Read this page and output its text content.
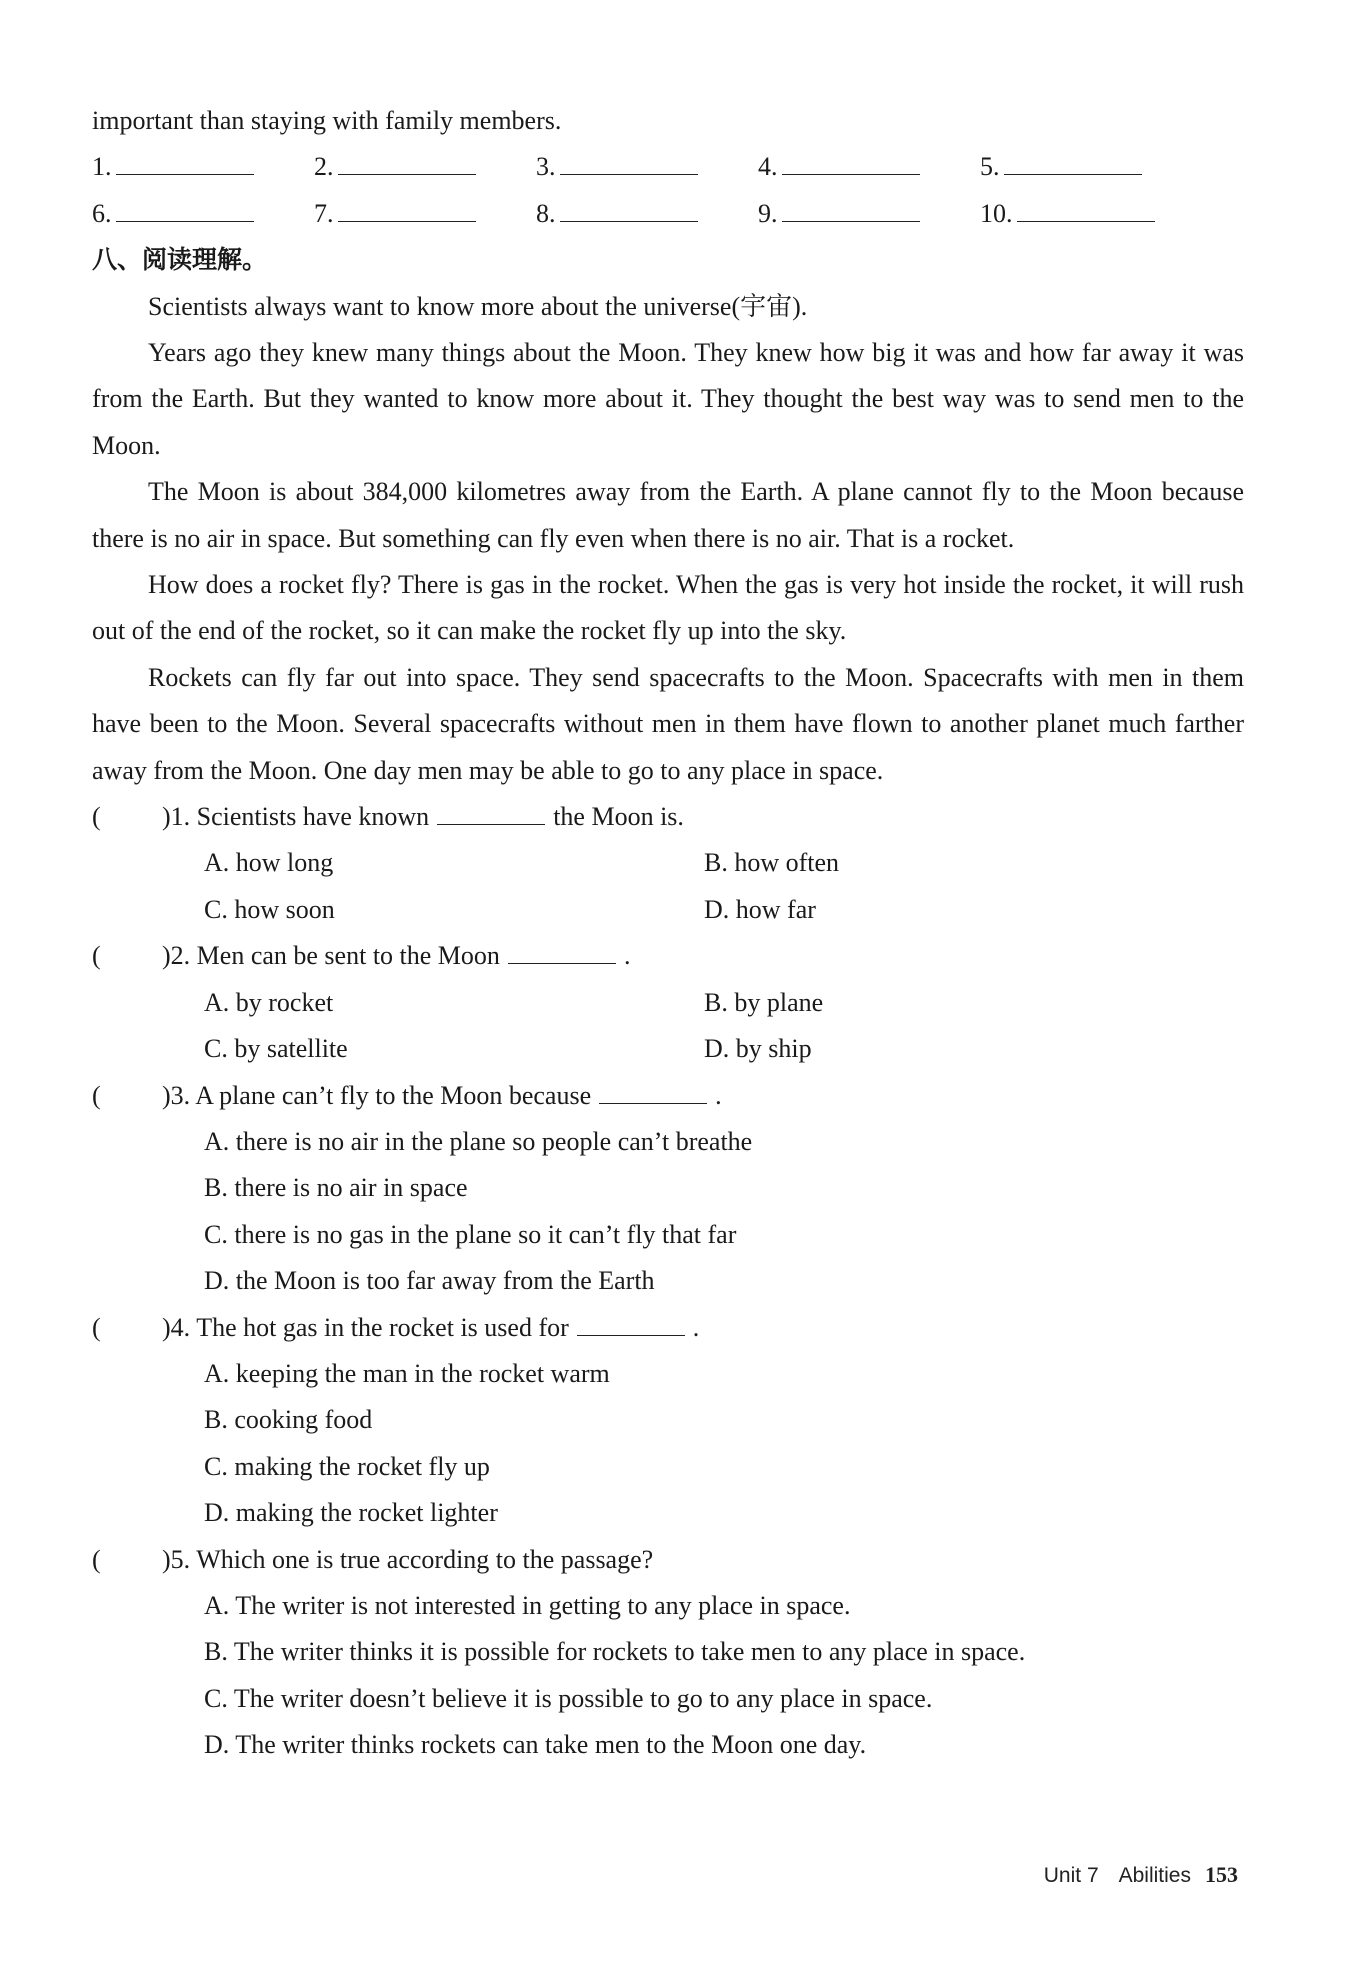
important than staying with family members.
1.	2.	3.	4.	5.
6.	7.	8.	9.	10.
八、阅读理解。

Scientists always want to know more about the universe(宇宙).

Years ago they knew many things about the Moon. They knew how big it was and how far away it was from the Earth. But they wanted to know more about it. They thought the best way was to send men to the Moon.

The Moon is about 384,000 kilometres away from the Earth. A plane cannot fly to the Moon because there is no air in space. But something can fly even when there is no air. That is a rocket.

How does a rocket fly? There is gas in the rocket. When the gas is very hot inside the rocket, it will rush out of the end of the rocket, so it can make the rocket fly up into the sky.

Rockets can fly far out into space. They send spacecrafts to the Moon. Spacecrafts with men in them have been to the Moon. Several spacecrafts without men in them have flown to another planet much farther away from the Moon. One day men may be able to go to any place in space.

(	)1. Scientists have known	the Moon is.
A. how long	B. how often
C. how soon	D. how far
(	)2. Men can be sent to the Moon	.
A. by rocket	B. by plane
C. by satellite	D. by ship
(	)3. A plane can’t fly to the Moon because	.
A. there is no air in the plane so people can’t breathe
B. there is no air in space
C. there is no gas in the plane so it can’t fly that far
D. the Moon is too far away from the Earth
(	)4. The hot gas in the rocket is used for	.
A. keeping the man in the rocket warm
B. cooking food
C. making the rocket fly up
D. making the rocket lighter
(	)5. Which one is true according to the passage?
A. The writer is not interested in getting to any place in space.
B. The writer thinks it is possible for rockets to take men to any place in space.
C. The writer doesn’t believe it is possible to go to any place in space.
D. The writer thinks rockets can take men to the Moon one day.
Unit 7 Abilities 153
